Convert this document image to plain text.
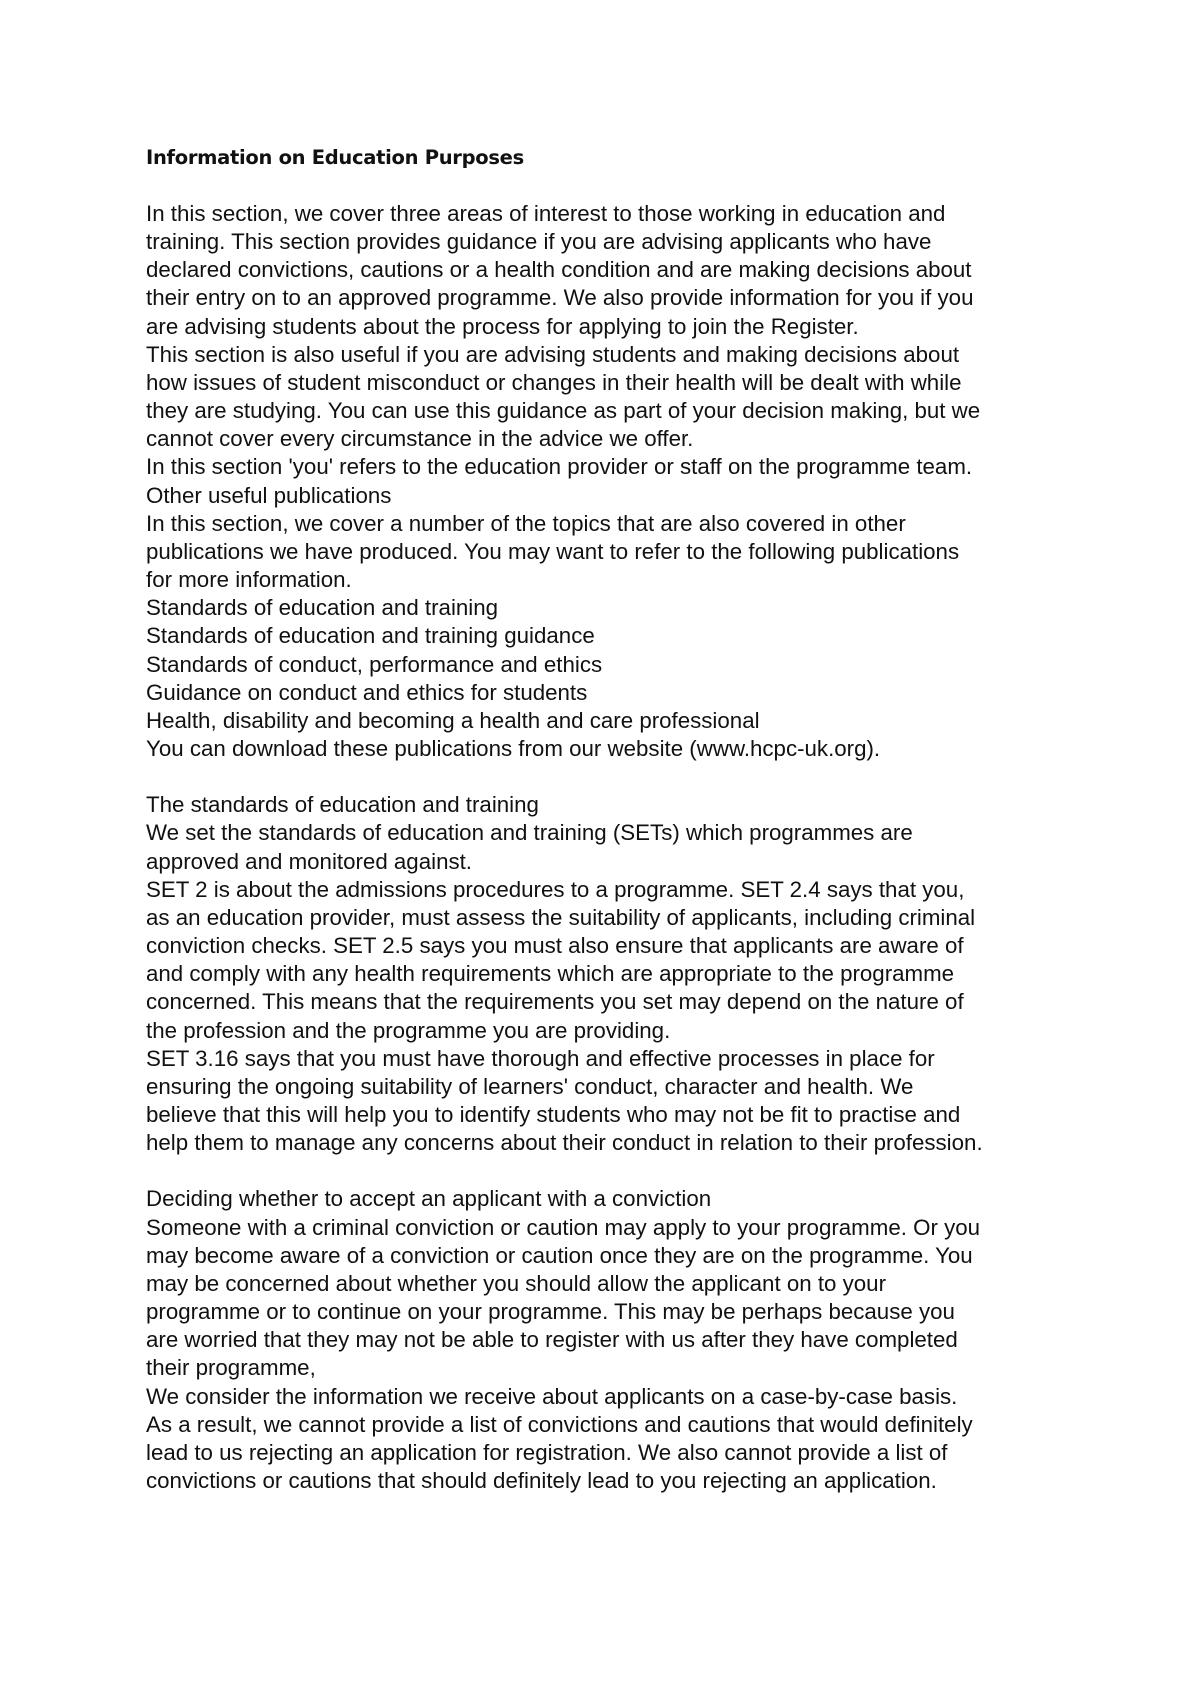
Information on Education Purposes
In this section, we cover three areas of interest to those working in education and
training. This section provides guidance if you are advising applicants who have
declared convictions, cautions or a health condition and are making decisions about
their entry on to an approved programme. We also provide information for you if you
are advising students about the process for applying to join the Register.
This section is also useful if you are advising students and making decisions about
how issues of student misconduct or changes in their health will be dealt with while
they are studying. You can use this guidance as part of your decision making, but we
cannot cover every circumstance in the advice we offer.
In this section 'you' refers to the education provider or staff on the programme team.
Other useful publications
In this section, we cover a number of the topics that are also covered in other
publications we have produced. You may want to refer to the following publications
for more information.
Standards of education and training
Standards of education and training guidance
Standards of conduct, performance and ethics
Guidance on conduct and ethics for students
Health, disability and becoming a health and care professional
You can download these publications from our website (www.hcpc-uk.org).
The standards of education and training
We set the standards of education and training (SETs) which programmes are
approved and monitored against.
SET 2 is about the admissions procedures to a programme. SET 2.4 says that you,
as an education provider, must assess the suitability of applicants, including criminal
conviction checks. SET 2.5 says you must also ensure that applicants are aware of
and comply with any health requirements which are appropriate to the programme
concerned. This means that the requirements you set may depend on the nature of
the profession and the programme you are providing.
SET 3.16 says that you must have thorough and effective processes in place for
ensuring the ongoing suitability of learners' conduct, character and health. We
believe that this will help you to identify students who may not be fit to practise and
help them to manage any concerns about their conduct in relation to their profession.
Deciding whether to accept an applicant with a conviction
Someone with a criminal conviction or caution may apply to your programme. Or you
may become aware of a conviction or caution once they are on the programme. You
may be concerned about whether you should allow the applicant on to your
programme or to continue on your programme. This may be perhaps because you
are worried that they may not be able to register with us after they have completed
their programme,
We consider the information we receive about applicants on a case-by-case basis.
As a result, we cannot provide a list of convictions and cautions that would definitely
lead to us rejecting an application for registration. We also cannot provide a list of
convictions or cautions that should definitely lead to you rejecting an application.
